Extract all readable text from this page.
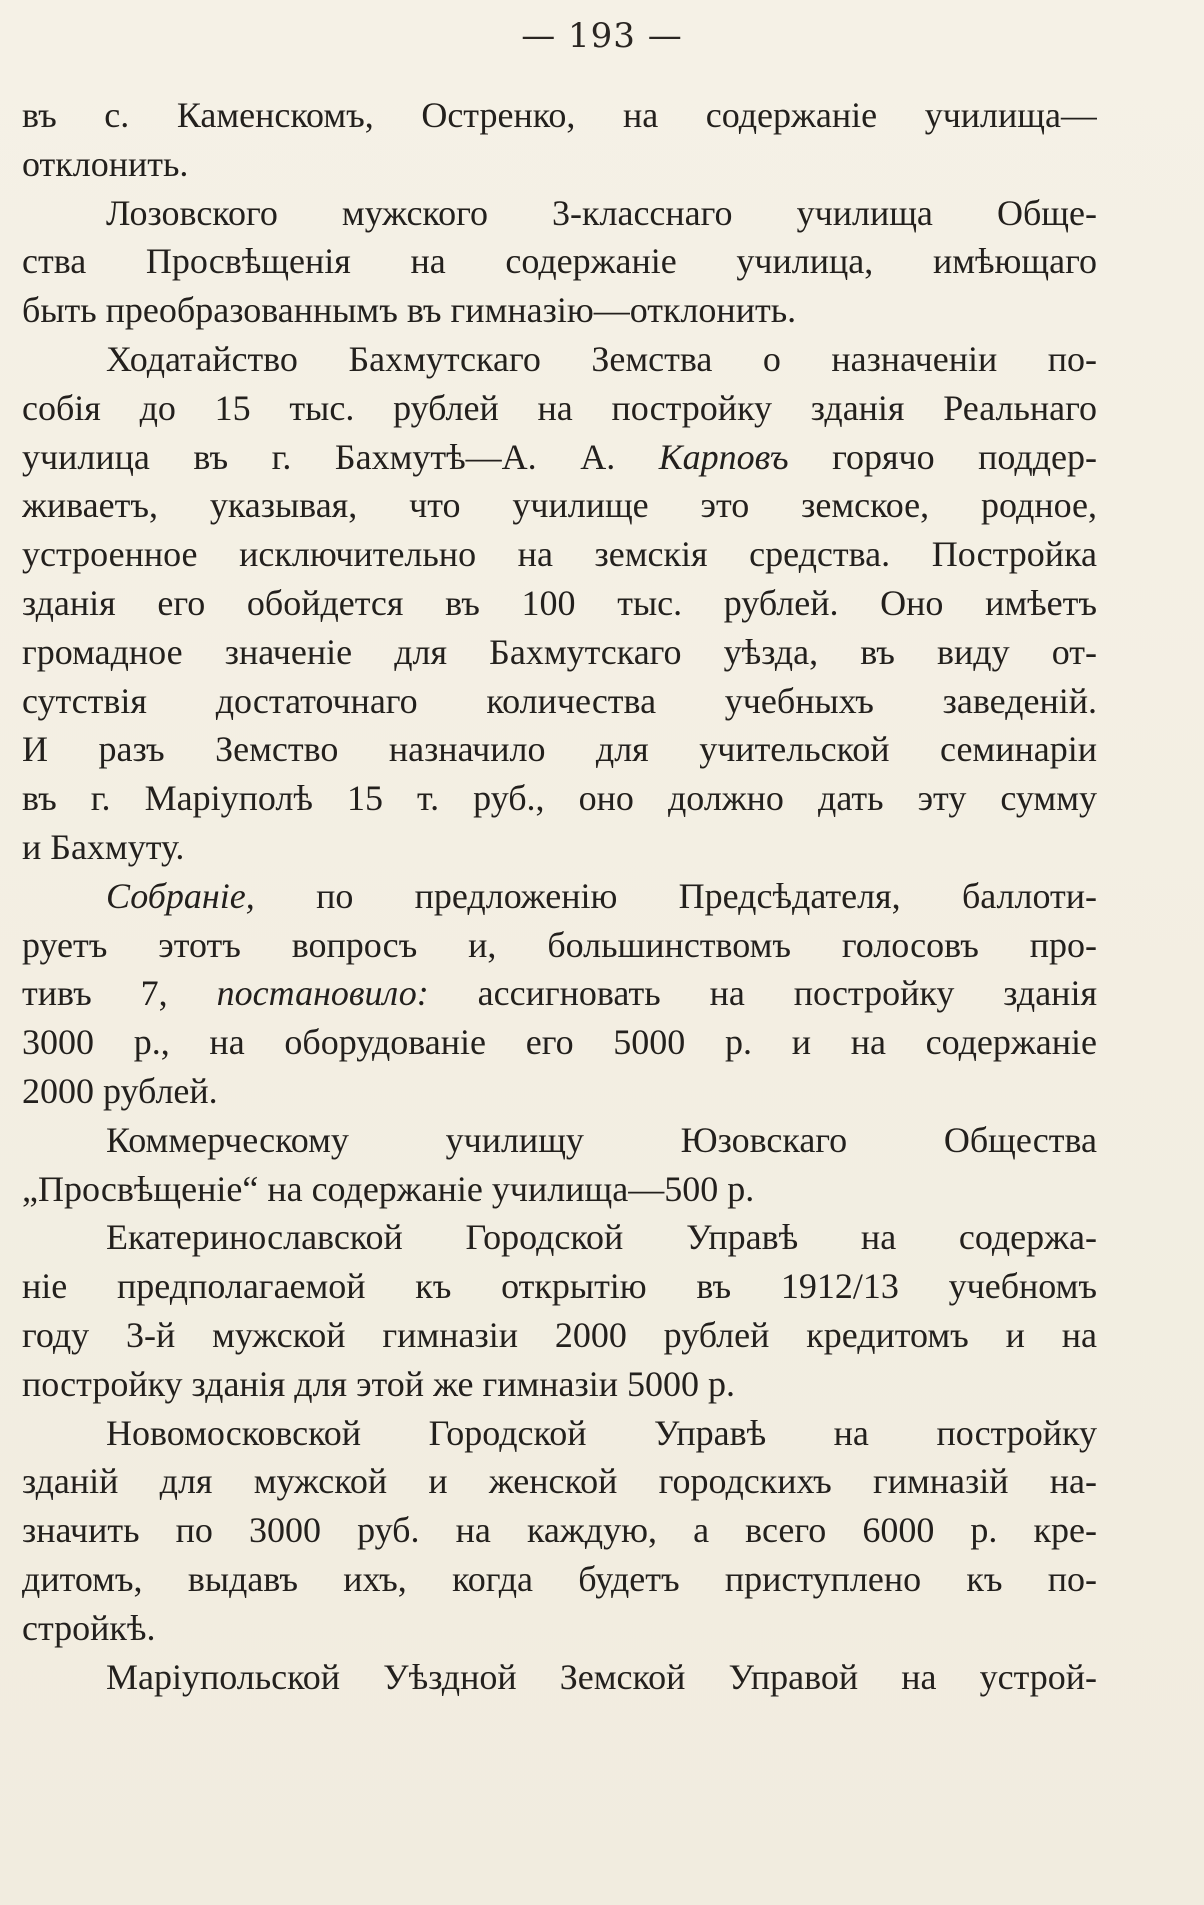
— 193 —
въ с. Каменскомъ, Остренко, на содержаніе училища—
отклонить.
Лозовского мужского 3-класснаго училища Обще-
ства Просвѣщенія на содержаніе училица, имѣющаго
быть преобразованнымъ въ гимназію—отклонить.
Ходатайство Бахмутскаго Земства о назначеніи по-
собія до 15 тыс. рублей на постройку зданія Реальнаго
училица въ г. Бахмутѣ—А. А. Карповъ горячо поддер-
живаетъ, указывая, что училище это земское, родное,
устроенное исключительно на земскія средства. Постройка
зданія его обойдется въ 100 тыс. рублей. Оно имѣетъ
громадное значеніе для Бахмутскаго уѣзда, въ виду от-
сутствія достаточнаго количества учебныхъ заведеній.
И разъ Земство назначило для учительской семинаріи
въ г. Маріуполѣ 15 т. руб., оно должно дать эту сумму
и Бахмуту.
Собраніе, по предложенію Предсѣдателя, баллоти-
руетъ этотъ вопросъ и, большинствомъ голосовъ про-
тивъ 7, постановило: ассигновать на постройку зданія
3000 р., на оборудованіе его 5000 р. и на содержаніе
2000 рублей.
Коммерческому училищу Юзовскаго Общества
„Просвѣщеніе“ на содержаніе училища—500 р.
Екатеринославской Городской Управѣ на содержа-
ніе предполагаемой къ открытію въ 1912/13 учебномъ
году 3-й мужской гимназіи 2000 рублей кредитомъ и на
постройку зданія для этой же гимназіи 5000 р.
Новомосковской Городской Управѣ на постройку
зданій для мужской и женской городскихъ гимназій на-
значить по 3000 руб. на каждую, а всего 6000 р. кре-
дитомъ, выдавъ ихъ, когда будетъ приступлено къ по-
стройкѣ.
Маріупольской Уѣздной Земской Управой на устрой-
